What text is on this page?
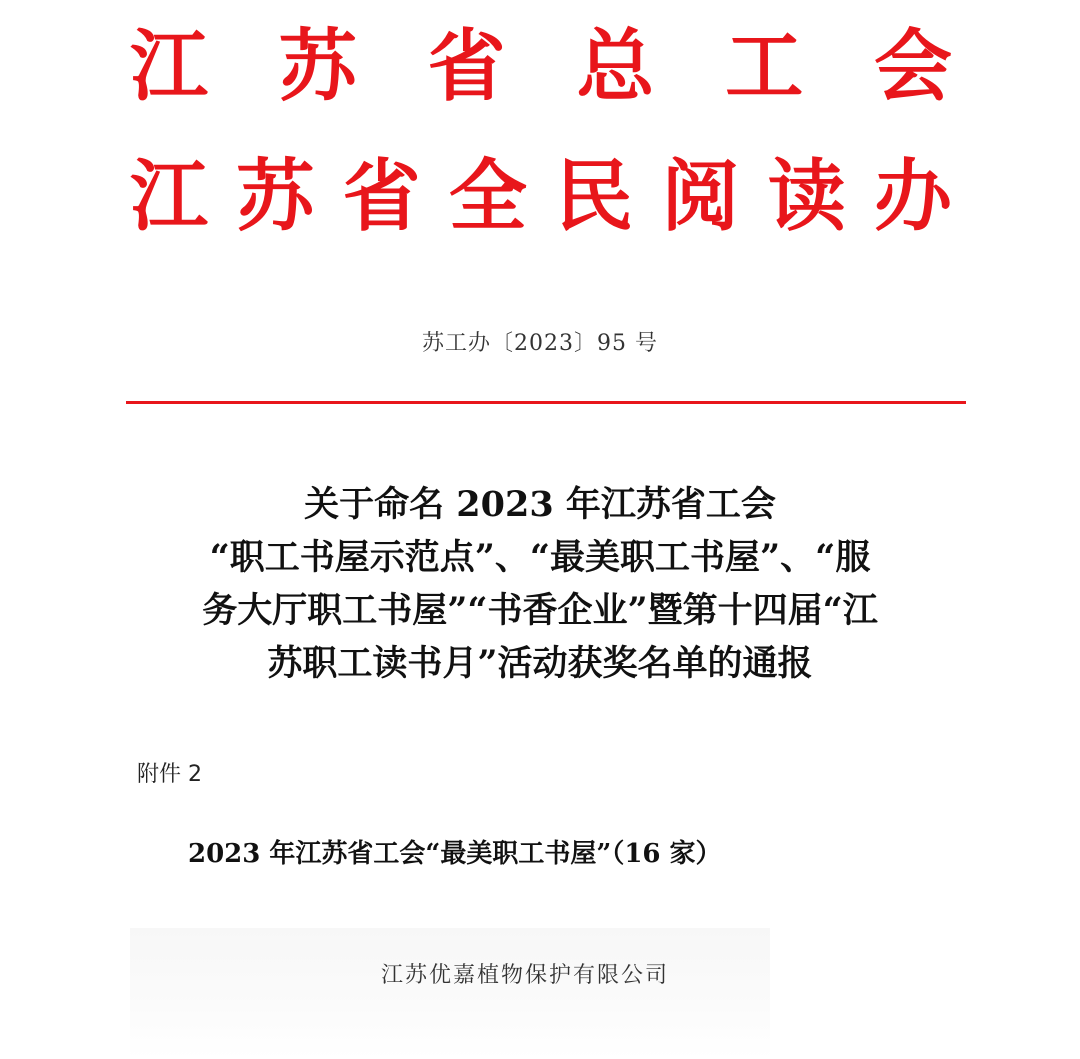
江 苏 省 总 工 会
江 苏 省 全 民 阅 读 办
苏工办〔2023〕95 号
关于命名 2023 年江苏省工会
“职工书屋示范点”、“最美职工书屋”、“服
务大厅职工书屋”“书香企业”暨第十四届“江
苏职工读书月”活动获奖名单的通报
附件 2
2023 年江苏省工会“最美职工书屋”（16 家）
江苏优嘉植物保护有限公司
